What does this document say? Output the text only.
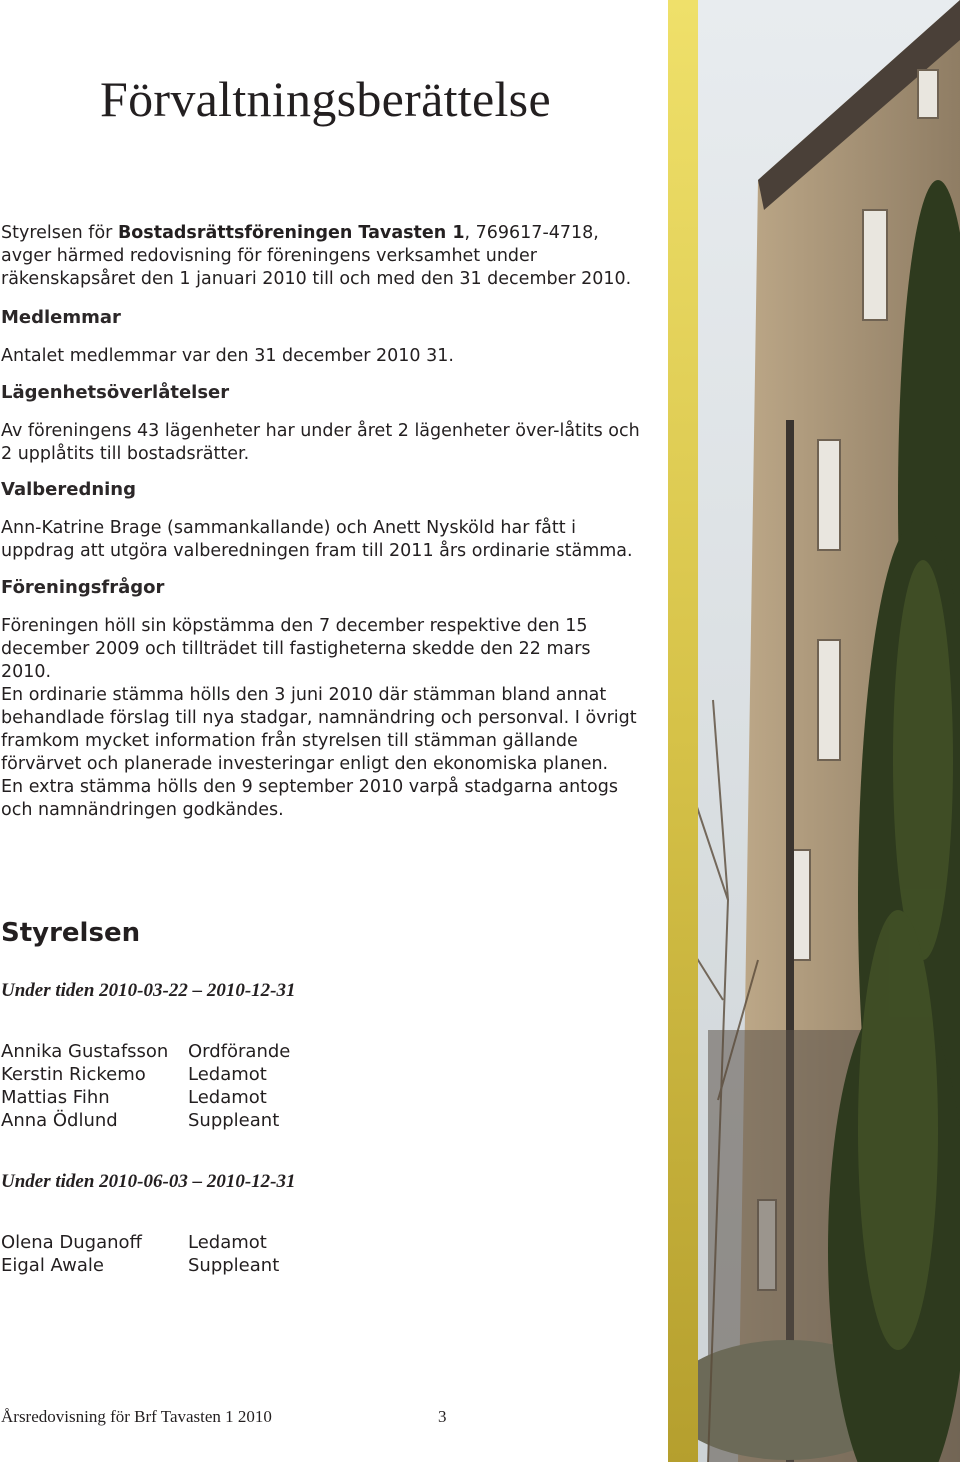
Förvaltningsberättelse

Styrelsen för Bostadsrättsföreningen Tavasten 1, 769617-4718, avger härmed redovisning för föreningens verksamhet under räkenskapsåret den 1 januari 2010 till och med den 31 december 2010.

Medlemmar

Antalet medlemmar var den 31 december 2010 31.

Lägenhetsöverlåtelser

Av föreningens 43 lägenheter har under året 2 lägenheter över-låtits och 2 upplåtits till bostadsrätter.

Valberedning

Ann-Katrine Brage (sammankallande) och Anett Nysköld har fått i uppdrag att utgöra valberedningen fram till 2011 års ordinarie stämma.

Föreningsfrågor

Föreningen höll sin köpstämma den 7 december respektive den 15 december 2009 och tillträdet till fastigheterna skedde den 22 mars 2010.

En ordinarie stämma hölls den 3 juni 2010 där stämman bland annat behandlade förslag till nya stadgar, namnändring och personval. I övrigt framkom mycket information från styrelsen till stämman gällande förvärvet och planerade investeringar enligt den ekonomiska planen.

En extra stämma hölls den 9 september 2010 varpå stadgarna antogs och namnändringen godkändes.

Styrelsen

Under tiden 2010-03-22 – 2010-12-31

Annika Gustafsson	Ordförande
Kerstin Rickemo	Ledamot
Mattias Fihn	Ledamot
Anna Ödlund	Suppleant

Under tiden 2010-06-03 – 2010-12-31

Olena Duganoff	Ledamot
Eigal Awale	Suppleant
Årsredovisning för Brf Tavasten 1 2010	3
